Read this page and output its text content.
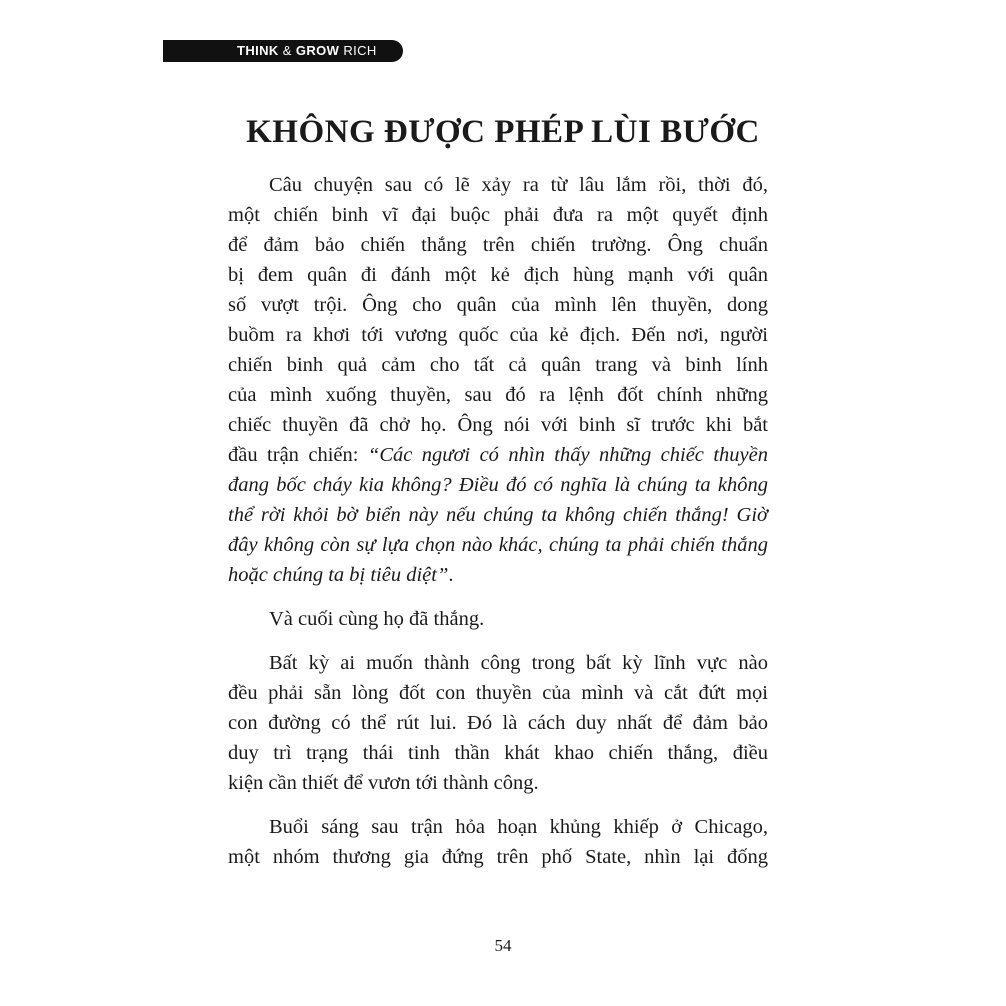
THINK & GROW RICH
KHÔNG ĐƯỢC PHÉP LÙI BƯỚC

Câu chuyện sau có lẽ xảy ra từ lâu lắm rồi, thời đó,
một chiến binh vĩ đại buộc phải đưa ra một quyết định
để đảm bảo chiến thắng trên chiến trường. Ông chuẩn
bị đem quân đi đánh một kẻ địch hùng mạnh với quân
số vượt trội. Ông cho quân của mình lên thuyền, dong
buồm ra khơi tới vương quốc của kẻ địch. Đến nơi, người
chiến binh quả cảm cho tất cả quân trang và binh lính
của mình xuống thuyền, sau đó ra lệnh đốt chính những
chiếc thuyền đã chở họ. Ông nói với binh sĩ trước khi bắt
đầu trận chiến: “Các ngươi có nhìn thấy những chiếc thuyền
đang bốc cháy kia không? Điều đó có nghĩa là chúng ta không
thể rời khỏi bờ biển này nếu chúng ta không chiến thắng! Giờ
đây không còn sự lựa chọn nào khác, chúng ta phải chiến thắng
hoặc chúng ta bị tiêu diệt”.

Và cuối cùng họ đã thắng.

Bất kỳ ai muốn thành công trong bất kỳ lĩnh vực nào
đều phải sẵn lòng đốt con thuyền của mình và cắt đứt mọi
con đường có thể rút lui. Đó là cách duy nhất để đảm bảo
duy trì trạng thái tinh thần khát khao chiến thắng, điều
kiện cần thiết để vươn tới thành công.

Buổi sáng sau trận hỏa hoạn khủng khiếp ở Chicago,
một nhóm thương gia đứng trên phố State, nhìn lại đống

54
